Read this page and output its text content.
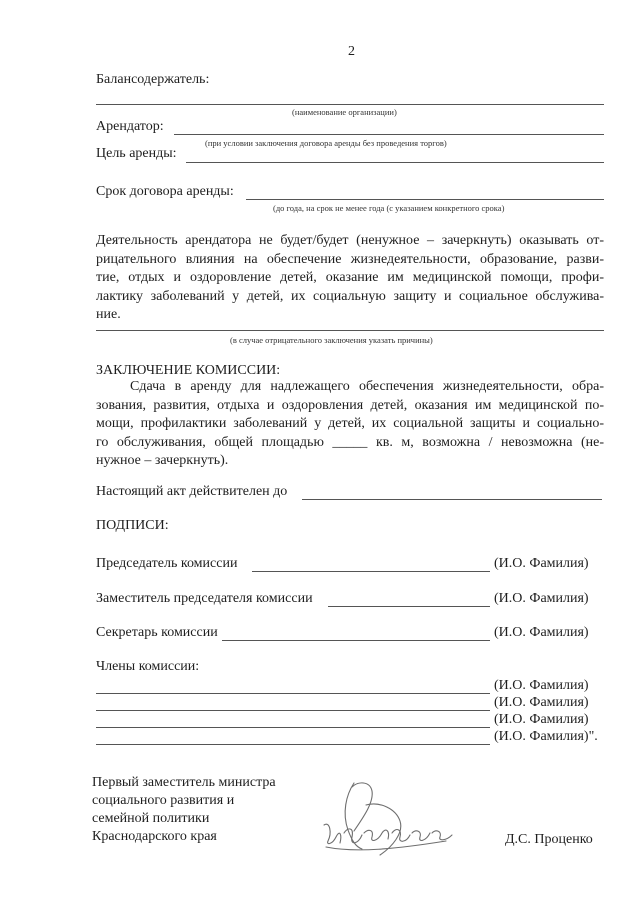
2
Балансодержатель:
(наименование организации)
Арендатор:
(при условии заключения договора аренды без проведения торгов)
Цель аренды:
Срок договора аренды:
(до года, на срок не менее года (с указанием конкретного срока)
Деятельность арендатора не будет/будет (ненужное – зачеркнуть) оказывать от-
рицательного влияния на обеспечение жизнедеятельности, образование, разви-
тие, отдых и оздоровление детей, оказание им медицинской помощи, профи-
лактику заболеваний у детей, их социальную защиту и социальное обслужива-
ние.
(в случае отрицательного заключения указать причины)
ЗАКЛЮЧЕНИЕ КОМИССИИ:
Сдача в аренду для надлежащего обеспечения жизнедеятельности, обра-
зования, развития, отдыха и оздоровления детей, оказания им медицинской по-
мощи, профилактики заболеваний у детей, их социальной защиты и социально-
го обслуживания, общей площадью _____ кв. м, возможна / невозможна (не-
нужное – зачеркнуть).
Настоящий акт действителен до
ПОДПИСИ:
Председатель комиссии	(И.О. Фамилия)
Заместитель председателя комиссии	(И.О. Фамилия)
Секретарь комиссии	(И.О. Фамилия)
Члены комиссии:
(И.О. Фамилия)
(И.О. Фамилия)
(И.О. Фамилия)
(И.О. Фамилия)".
Первый заместитель министра
социального развития и
семейной политики
Краснодарского края	Д.С. Проценко
